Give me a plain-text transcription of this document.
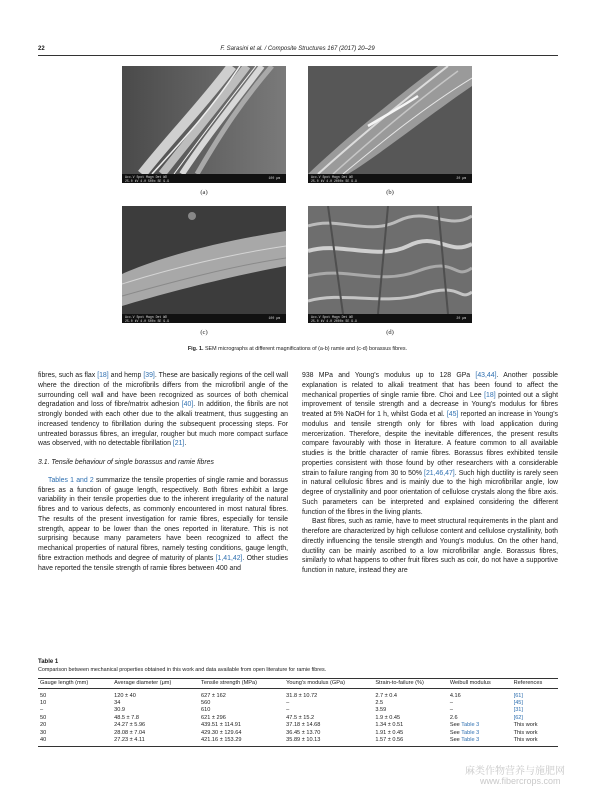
22	F. Sarasini et al. / Composite Structures 167 (2017) 20–29
Acc.V Spot Magn Det WD
25.0 kV 4.0 500x SE 9.9
100 μm
(a)
Acc.V Spot Magn Det WD
25.0 kV 4.0 2000x SE 9.9
20 μm
(b)
Acc.V Spot Magn Det WD
25.0 kV 4.0 500x SE 9.9
100 μm
(c)
Acc.V Spot Magn Det WD
25.0 kV 4.0 2000x SE 9.9
20 μm
(d)
Fig. 1. SEM micrographs at different magnifications of (a-b) ramie and (c-d) borassus fibres.

fibres, such as flax [18] and hemp [39]. These are basically regions of the cell wall where the direction of the microfibrils differs from the microfibril angle of the surrounding cell wall and have been recognized as sources of both chemical degradation and loss of fibre/matrix adhesion [40]. In addition, the fibrils are not strongly bonded with each other due to the alkali treatment, thus suggesting an increased tendency to fibrillation during the subsequent processing steps. For untreated borassus fibres, an irregular, rougher but much more compact surface was observed, with no detectable fibrillation [21].

3.1. Tensile behaviour of single borassus and ramie fibres

Tables 1 and 2 summarize the tensile properties of single ramie and borassus fibres as a function of gauge length, respectively. Both fibres exhibit a large variability in their tensile properties due to the inherent irregularity of the natural fibres and to various defects, as commonly encountered in most natural fibres. The results of the present investigation for ramie fibres, especially for tensile strength, appear to be lower than the ones reported in literature. This is not surprising because many parameters have been recognized to affect the mechanical properties of natural fibres, namely testing conditions, gauge length, fibre extraction methods and degree of maturity of plants [1,41,42]. Other studies have reported the tensile strength of ramie fibres between 400 and

938 MPa and Young’s modulus up to 128 GPa [43,44]. Another possible explanation is related to alkali treatment that has been found to affect the mechanical properties of single ramie fibre. Choi and Lee [18] pointed out a slight improvement of tensile strength and a decrease in Young’s modulus for fibres treated at 5% NaOH for 1 h, whilst Goda et al. [45] reported an increase in Young’s modulus and tensile strength only for fibres with load application during mercerization. Therefore, despite the inevitable differences, the present results compare favourably with those in literature. A feature common to all available studies is the brittle character of ramie fibres. Borassus fibres exhibited tensile properties consistent with those found by other researchers with a considerable strain to failure ranging from 30 to 50% [21,46,47]. Such high ductility is rarely seen in natural cellulosic fibres and is mainly due to the high microfibrillar angle, low degree of crystallinity and poor orientation of cellulose crystals along the fibre axis. Such parameters can be interpreted and explained considering the different function of the fibres in the living plants.

Bast fibres, such as ramie, have to meet structural requirements in the plant and therefore are characterized by high cellulose content and cellulose crystallinity, both directly influencing the tensile strength and Young’s modulus. On the other hand, ductility can be mainly ascribed to a low microfibrillar angle. Borassus fibres, similarly to what happens to other fruit fibres such as coir, do not have a supportive function in nature, instead they are

Table 1
Comparison between mechanical properties obtained in this work and data available from open literature for ramie fibres.
Gauge length (mm)	Average diameter (μm)	Tensile strength (MPa)	Young’s modulus (GPa)	Strain-to-failure (%)	Weibull modulus	References
50	120 ± 40	627 ± 162	31.8 ± 10.72	2.7 ± 0.4	4.16	[61]
10	34	560	–	2.5	–	[45]
–	30.9	610	–	3.59	–	[31]
50	48.5 ± 7.8	621 ± 296	47.5 ± 15.2	1.9 ± 0.45	2.6	[62]
20	24.27 ± 5.96	439.51 ± 114.91	37.18 ± 14.68	1.34 ± 0.51	See Table 3	This work
30	28.08 ± 7.04	429.30 ± 129.64	36.45 ± 13.70	1.91 ± 0.45	See Table 3	This work
40	27.23 ± 4.11	421.16 ± 153.29	35.89 ± 10.13	1.57 ± 0.56	See Table 3	This work
麻类作物营养与施肥网
www.fibercrops.com
